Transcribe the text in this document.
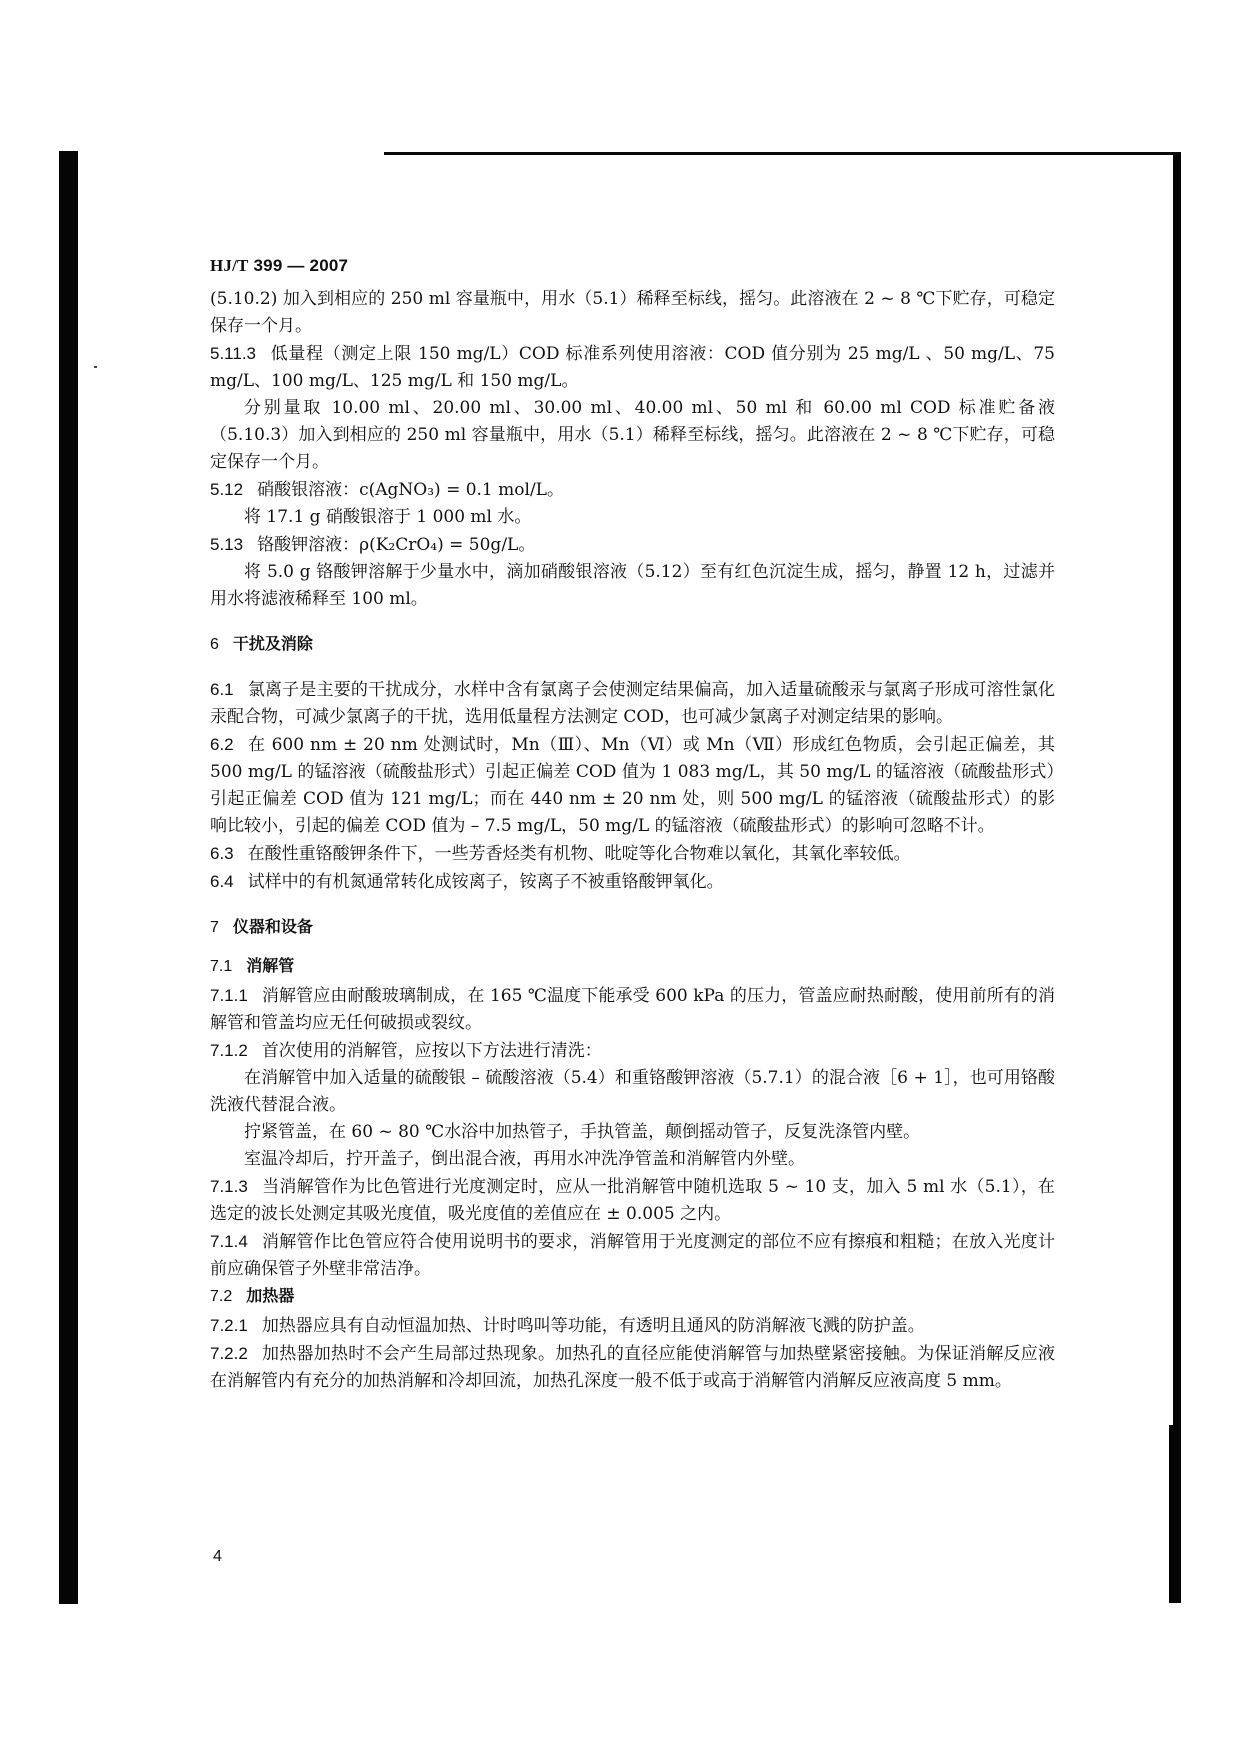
HJ/T 399 — 2007

(5.10.2) 加入到相应的 250 ml 容量瓶中，用水（5.1）稀释至标线，摇匀。此溶液在 2 ~ 8 ℃下贮存，可稳定保存一个月。

5.11.3 低量程（测定上限 150 mg/L）COD 标准系列使用溶液：COD 值分别为 25 mg/L 、50 mg/L、75 mg/L、100 mg/L、125 mg/L 和 150 mg/L。

分别量取 10.00 ml、20.00 ml、30.00 ml、40.00 ml、50 ml 和 60.00 ml COD 标准贮备液（5.10.3）加入到相应的 250 ml 容量瓶中，用水（5.1）稀释至标线，摇匀。此溶液在 2 ~ 8 ℃下贮存，可稳定保存一个月。

5.12 硝酸银溶液：c(AgNO₃) = 0.1 mol/L。

将 17.1 g 硝酸银溶于 1 000 ml 水。

5.13 铬酸钾溶液：ρ(K₂CrO₄) = 50g/L。

将 5.0 g 铬酸钾溶解于少量水中，滴加硝酸银溶液（5.12）至有红色沉淀生成，摇匀，静置 12 h，过滤并用水将滤液稀释至 100 ml。

6 干扰及消除

6.1 氯离子是主要的干扰成分，水样中含有氯离子会使测定结果偏高，加入适量硫酸汞与氯离子形成可溶性氯化汞配合物，可减少氯离子的干扰，选用低量程方法测定 COD，也可减少氯离子对测定结果的影响。

6.2 在 600 nm ± 20 nm 处测试时，Mn（Ⅲ）、Mn（Ⅵ）或 Mn（Ⅶ）形成红色物质，会引起正偏差，其 500 mg/L 的锰溶液（硫酸盐形式）引起正偏差 COD 值为 1 083 mg/L，其 50 mg/L 的锰溶液（硫酸盐形式）引起正偏差 COD 值为 121 mg/L；而在 440 nm ± 20 nm 处，则 500 mg/L 的锰溶液（硫酸盐形式）的影响比较小，引起的偏差 COD 值为 – 7.5 mg/L，50 mg/L 的锰溶液（硫酸盐形式）的影响可忽略不计。

6.3 在酸性重铬酸钾条件下，一些芳香烃类有机物、吡啶等化合物难以氧化，其氧化率较低。

6.4 试样中的有机氮通常转化成铵离子，铵离子不被重铬酸钾氧化。

7 仪器和设备
7.1 消解管

7.1.1 消解管应由耐酸玻璃制成，在 165 ℃温度下能承受 600 kPa 的压力，管盖应耐热耐酸，使用前所有的消解管和管盖均应无任何破损或裂纹。

7.1.2 首次使用的消解管，应按以下方法进行清洗：

在消解管中加入适量的硫酸银 – 硫酸溶液（5.4）和重铬酸钾溶液（5.7.1）的混合液［6 + 1］，也可用铬酸洗液代替混合液。

拧紧管盖，在 60 ~ 80 ℃水浴中加热管子，手执管盖，颠倒摇动管子，反复洗涤管内壁。

室温冷却后，拧开盖子，倒出混合液，再用水冲洗净管盖和消解管内外壁。

7.1.3 当消解管作为比色管进行光度测定时，应从一批消解管中随机选取 5 ~ 10 支，加入 5 ml 水（5.1），在选定的波长处测定其吸光度值，吸光度值的差值应在 ± 0.005 之内。

7.1.4 消解管作比色管应符合使用说明书的要求，消解管用于光度测定的部位不应有擦痕和粗糙；在放入光度计前应确保管子外壁非常洁净。

7.2 加热器

7.2.1 加热器应具有自动恒温加热、计时鸣叫等功能，有透明且通风的防消解液飞溅的防护盖。

7.2.2 加热器加热时不会产生局部过热现象。加热孔的直径应能使消解管与加热壁紧密接触。为保证消解反应液在消解管内有充分的加热消解和冷却回流，加热孔深度一般不低于或高于消解管内消解反应液高度 5 mm。

4
